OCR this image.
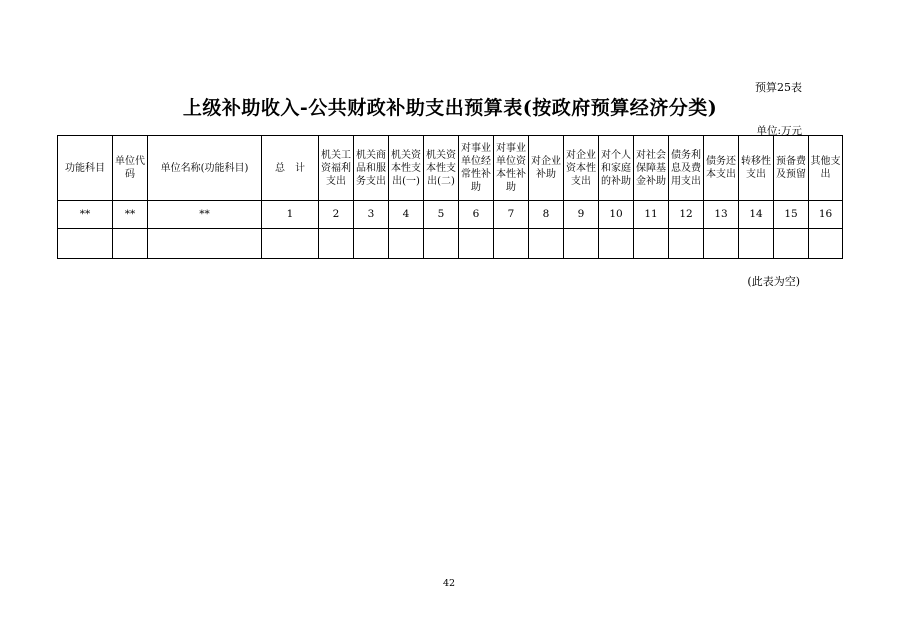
预算25表
上级补助收入-公共财政补助支出预算表(按政府预算经济分类)
单位:万元
功能科目	单位代码	单位名称(功能科目)	总　计	机关工资福利支出	机关商品和服务支出	机关资本性支出(一)	机关资本性支出(二)	对事业单位经常性补助	对事业单位资本性补助	对企业补助	对企业资本性支出	对个人和家庭的补助	对社会保障基金补助	债务利息及费用支出	债务还本支出	转移性支出	预备费及预留	其他支出
**	**	**	1	2	3	4	5	6	7	8	9	10	11	12	13	14	15	16

(此表为空)
42
